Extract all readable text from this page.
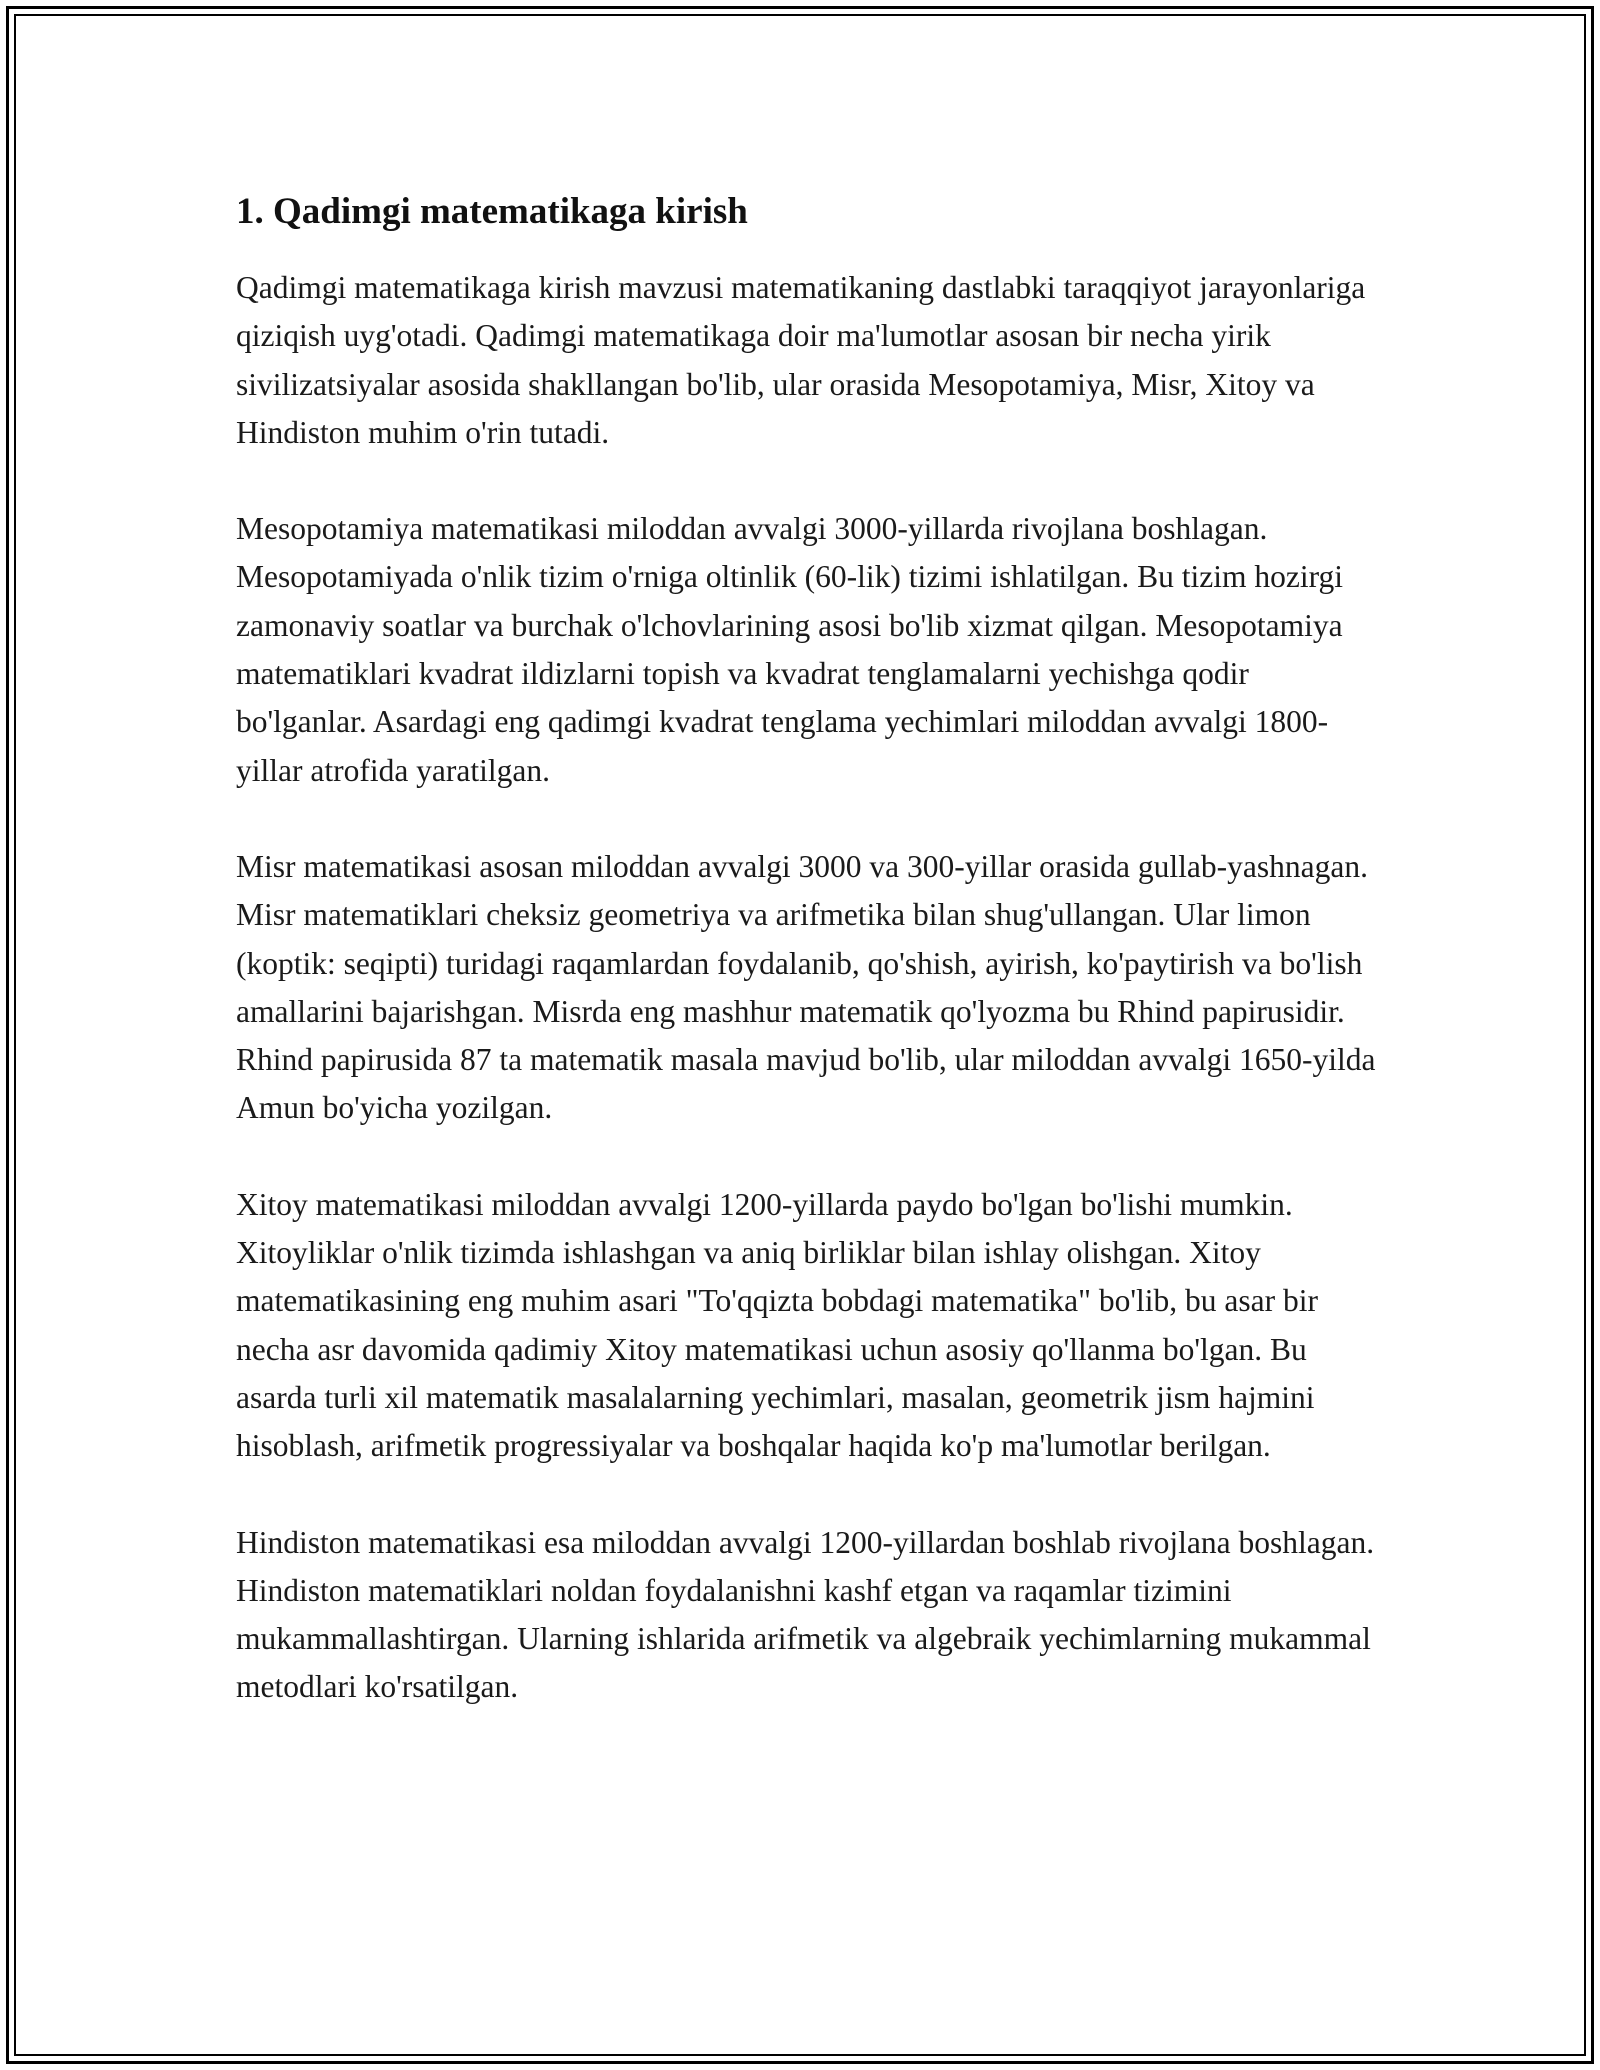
1. Qadimgi matematikaga kirish

Qadimgi matematikaga kirish mavzusi matematikaning dastlabki taraqqiyot jarayonlariga qiziqish uyg'otadi. Qadimgi matematikaga doir ma'lumotlar asosan bir necha yirik sivilizatsiyalar asosida shakllangan bo'lib, ular orasida Mesopotamiya, Misr, Xitoy va Hindiston muhim o'rin tutadi.

Mesopotamiya matematikasi miloddan avvalgi 3000-yillarda rivojlana boshlagan. Mesopotamiyada o'nlik tizim o'rniga oltinlik (60-lik) tizimi ishlatilgan. Bu tizim hozirgi zamonaviy soatlar va burchak o'lchovlarining asosi bo'lib xizmat qilgan. Mesopotamiya matematiklari kvadrat ildizlarni topish va kvadrat tenglamalarni yechishga qodir bo'lganlar. Asardagi eng qadimgi kvadrat tenglama yechimlari miloddan avvalgi 1800-yillar atrofida yaratilgan.

Misr matematikasi asosan miloddan avvalgi 3000 va 300-yillar orasida gullab-yashnagan. Misr matematiklari cheksiz geometriya va arifmetika bilan shug'ullangan. Ular limon (koptik: seqipti) turidagi raqamlardan foydalanib, qo'shish, ayirish, ko'paytirish va bo'lish amallarini bajarishgan. Misrda eng mashhur matematik qo'lyozma bu Rhind papirusidir. Rhind papirusida 87 ta matematik masala mavjud bo'lib, ular miloddan avvalgi 1650-yilda Amun bo'yicha yozilgan.

Xitoy matematikasi miloddan avvalgi 1200-yillarda paydo bo'lgan bo'lishi mumkin. Xitoyliklar o'nlik tizimda ishlashgan va aniq birliklar bilan ishlay olishgan. Xitoy matematikasining eng muhim asari "To'qqizta bobdagi matematika" bo'lib, bu asar bir necha asr davomida qadimiy Xitoy matematikasi uchun asosiy qo'llanma bo'lgan. Bu asarda turli xil matematik masalalarning yechimlari, masalan, geometrik jism hajmini hisoblash, arifmetik progressiyalar va boshqalar haqida ko'p ma'lumotlar berilgan.

Hindiston matematikasi esa miloddan avvalgi 1200-yillardan boshlab rivojlana boshlagan. Hindiston matematiklari noldan foydalanishni kashf etgan va raqamlar tizimini mukammallashtirgan. Ularning ishlarida arifmetik va algebraik yechimlarning mukammal metodlari ko'rsatilgan.
